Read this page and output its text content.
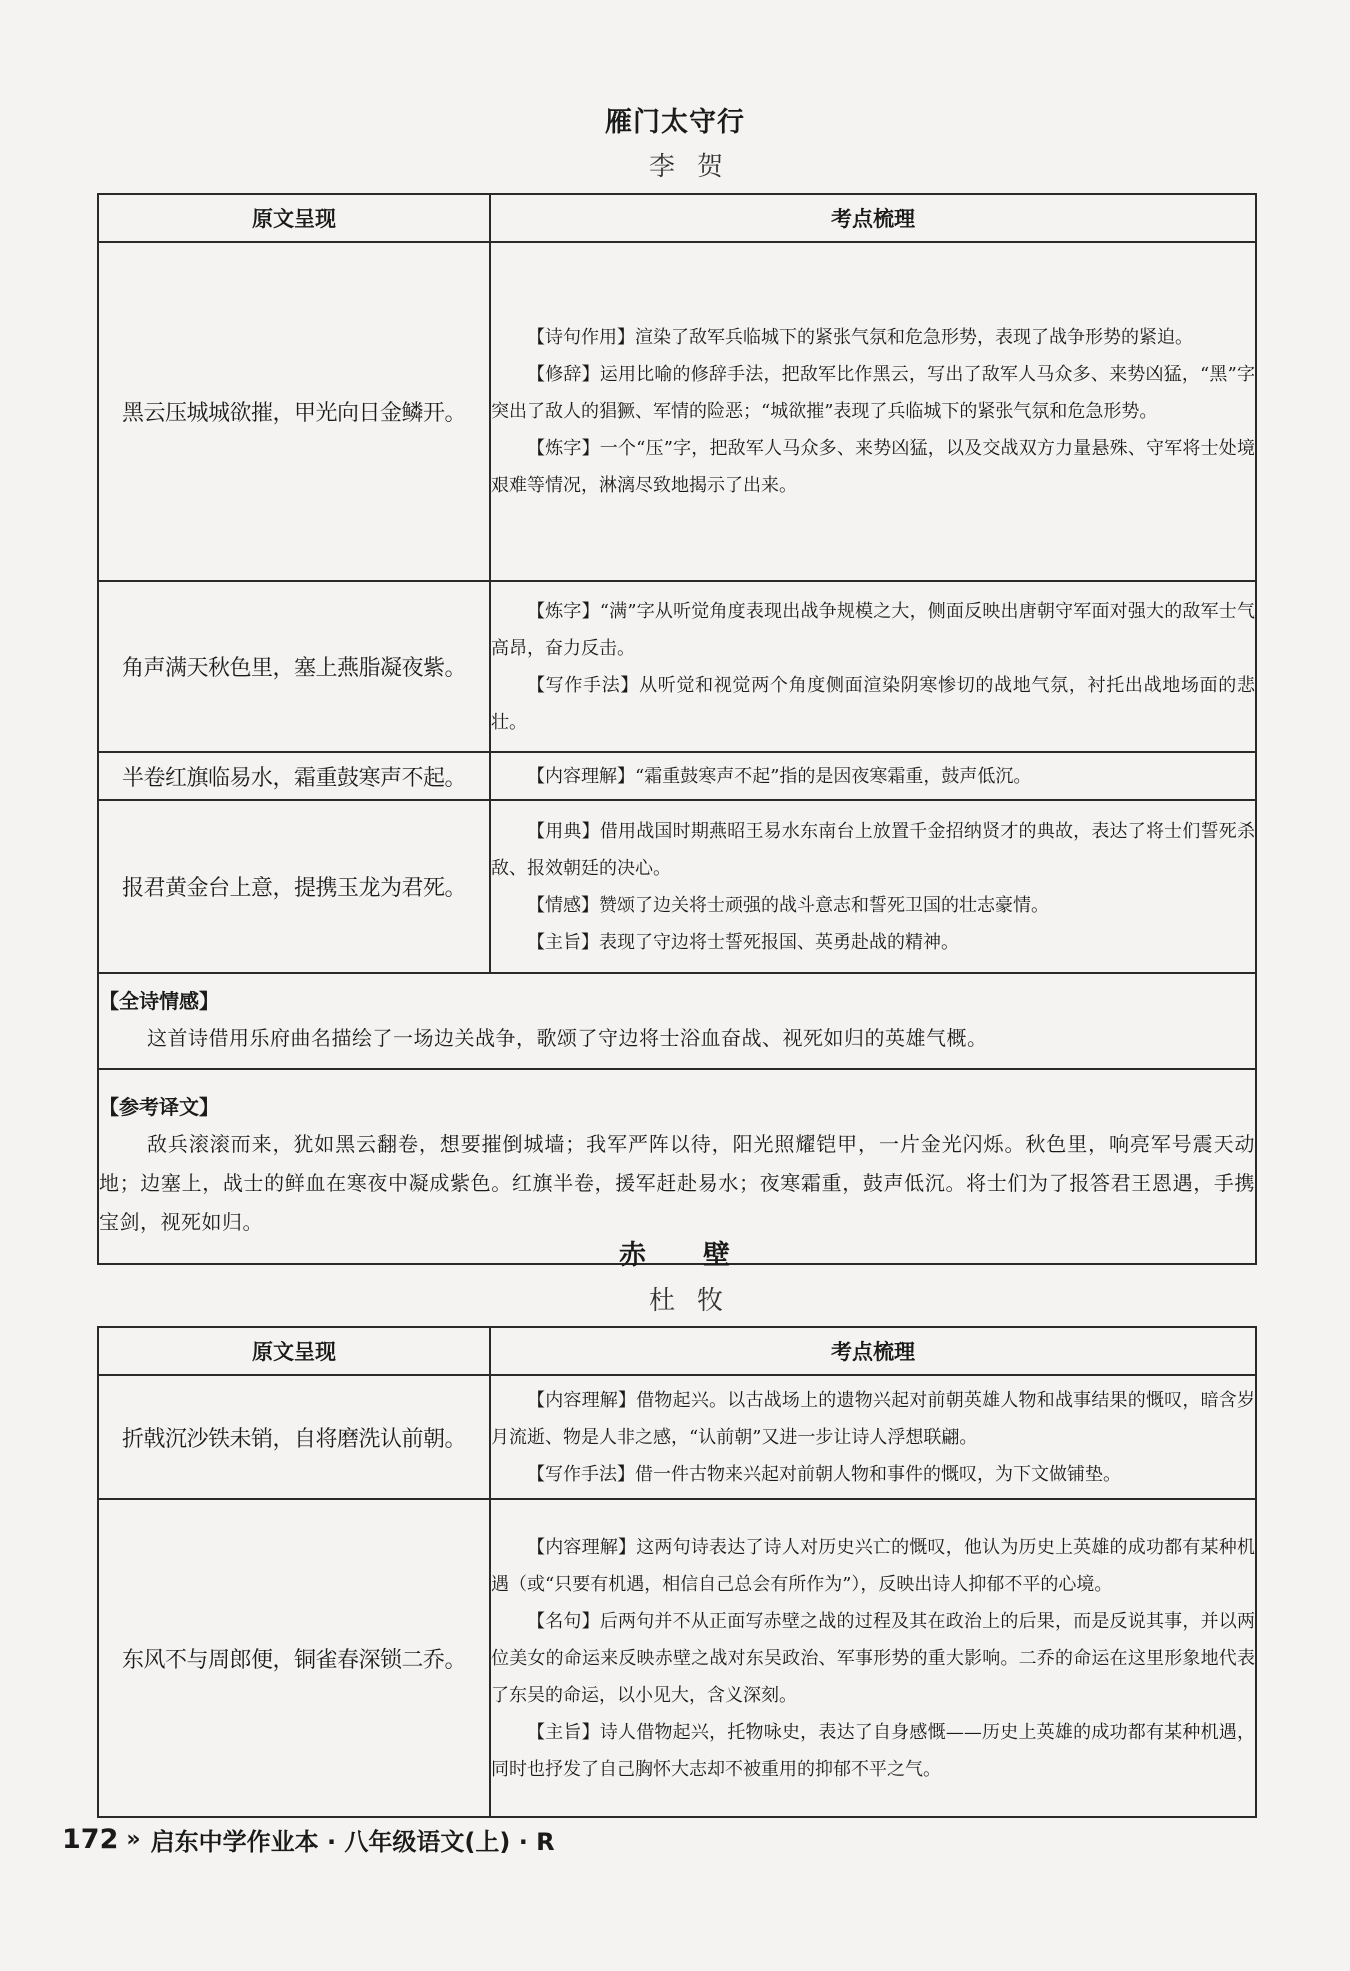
雁门太守行
李贺
原文呈现	考点梳理
黑云压城城欲摧，甲光向日金鳞开。	【诗句作用】渲染了敌军兵临城下的紧张气氛和危急形势，表现了战争形势的紧迫。

【修辞】运用比喻的修辞手法，把敌军比作黑云，写出了敌军人马众多、来势凶猛，“黑”字突出了敌人的猖獗、军情的险恶；“城欲摧”表现了兵临城下的紧张气氛和危急形势。

【炼字】一个“压”字，把敌军人马众多、来势凶猛，以及交战双方力量悬殊、守军将士处境艰难等情况，淋漓尽致地揭示了出来。

角声满天秋色里，塞上燕脂凝夜紫。	【炼字】“满”字从听觉角度表现出战争规模之大，侧面反映出唐朝守军面对强大的敌军士气高昂，奋力反击。

【写作手法】从听觉和视觉两个角度侧面渲染阴寒惨切的战地气氛，衬托出战地场面的悲壮。

半卷红旗临易水，霜重鼓寒声不起。	【内容理解】“霜重鼓寒声不起”指的是因夜寒霜重，鼓声低沉。

报君黄金台上意，提携玉龙为君死。	【用典】借用战国时期燕昭王易水东南台上放置千金招纳贤才的典故，表达了将士们誓死杀敌、报效朝廷的决心。

【情感】赞颂了边关将士顽强的战斗意志和誓死卫国的壮志豪情。

【主旨】表现了守边将士誓死报国、英勇赴战的精神。

【全诗情感】

这首诗借用乐府曲名描绘了一场边关战争，歌颂了守边将士浴血奋战、视死如归的英雄气概。	

【参考译文】

敌兵滚滚而来，犹如黑云翻卷，想要摧倒城墙；我军严阵以待，阳光照耀铠甲，一片金光闪烁。秋色里，响亮军号震天动地；边塞上，战士的鲜血在寒夜中凝成紫色。红旗半卷，援军赶赴易水；夜寒霜重，鼓声低沉。将士们为了报答君王恩遇，手携宝剑，视死如归。	

赤　　壁
杜牧
原文呈现	考点梳理
折戟沉沙铁未销，自将磨洗认前朝。	【内容理解】借物起兴。以古战场上的遗物兴起对前朝英雄人物和战事结果的慨叹，暗含岁月流逝、物是人非之感，“认前朝”又进一步让诗人浮想联翩。

【写作手法】借一件古物来兴起对前朝人物和事件的慨叹，为下文做铺垫。

东风不与周郎便，铜雀春深锁二乔。	【内容理解】这两句诗表达了诗人对历史兴亡的慨叹，他认为历史上英雄的成功都有某种机遇（或“只要有机遇，相信自己总会有所作为”），反映出诗人抑郁不平的心境。

【名句】后两句并不从正面写赤壁之战的过程及其在政治上的后果，而是反说其事，并以两位美女的命运来反映赤壁之战对东吴政治、军事形势的重大影响。二乔的命运在这里形象地代表了东吴的命运，以小见大，含义深刻。

【主旨】诗人借物起兴，托物咏史，表达了自身感慨——历史上英雄的成功都有某种机遇，同时也抒发了自己胸怀大志却不被重用的抑郁不平之气。

172 » 启东中学作业本 · 八年级语文(上) · R
